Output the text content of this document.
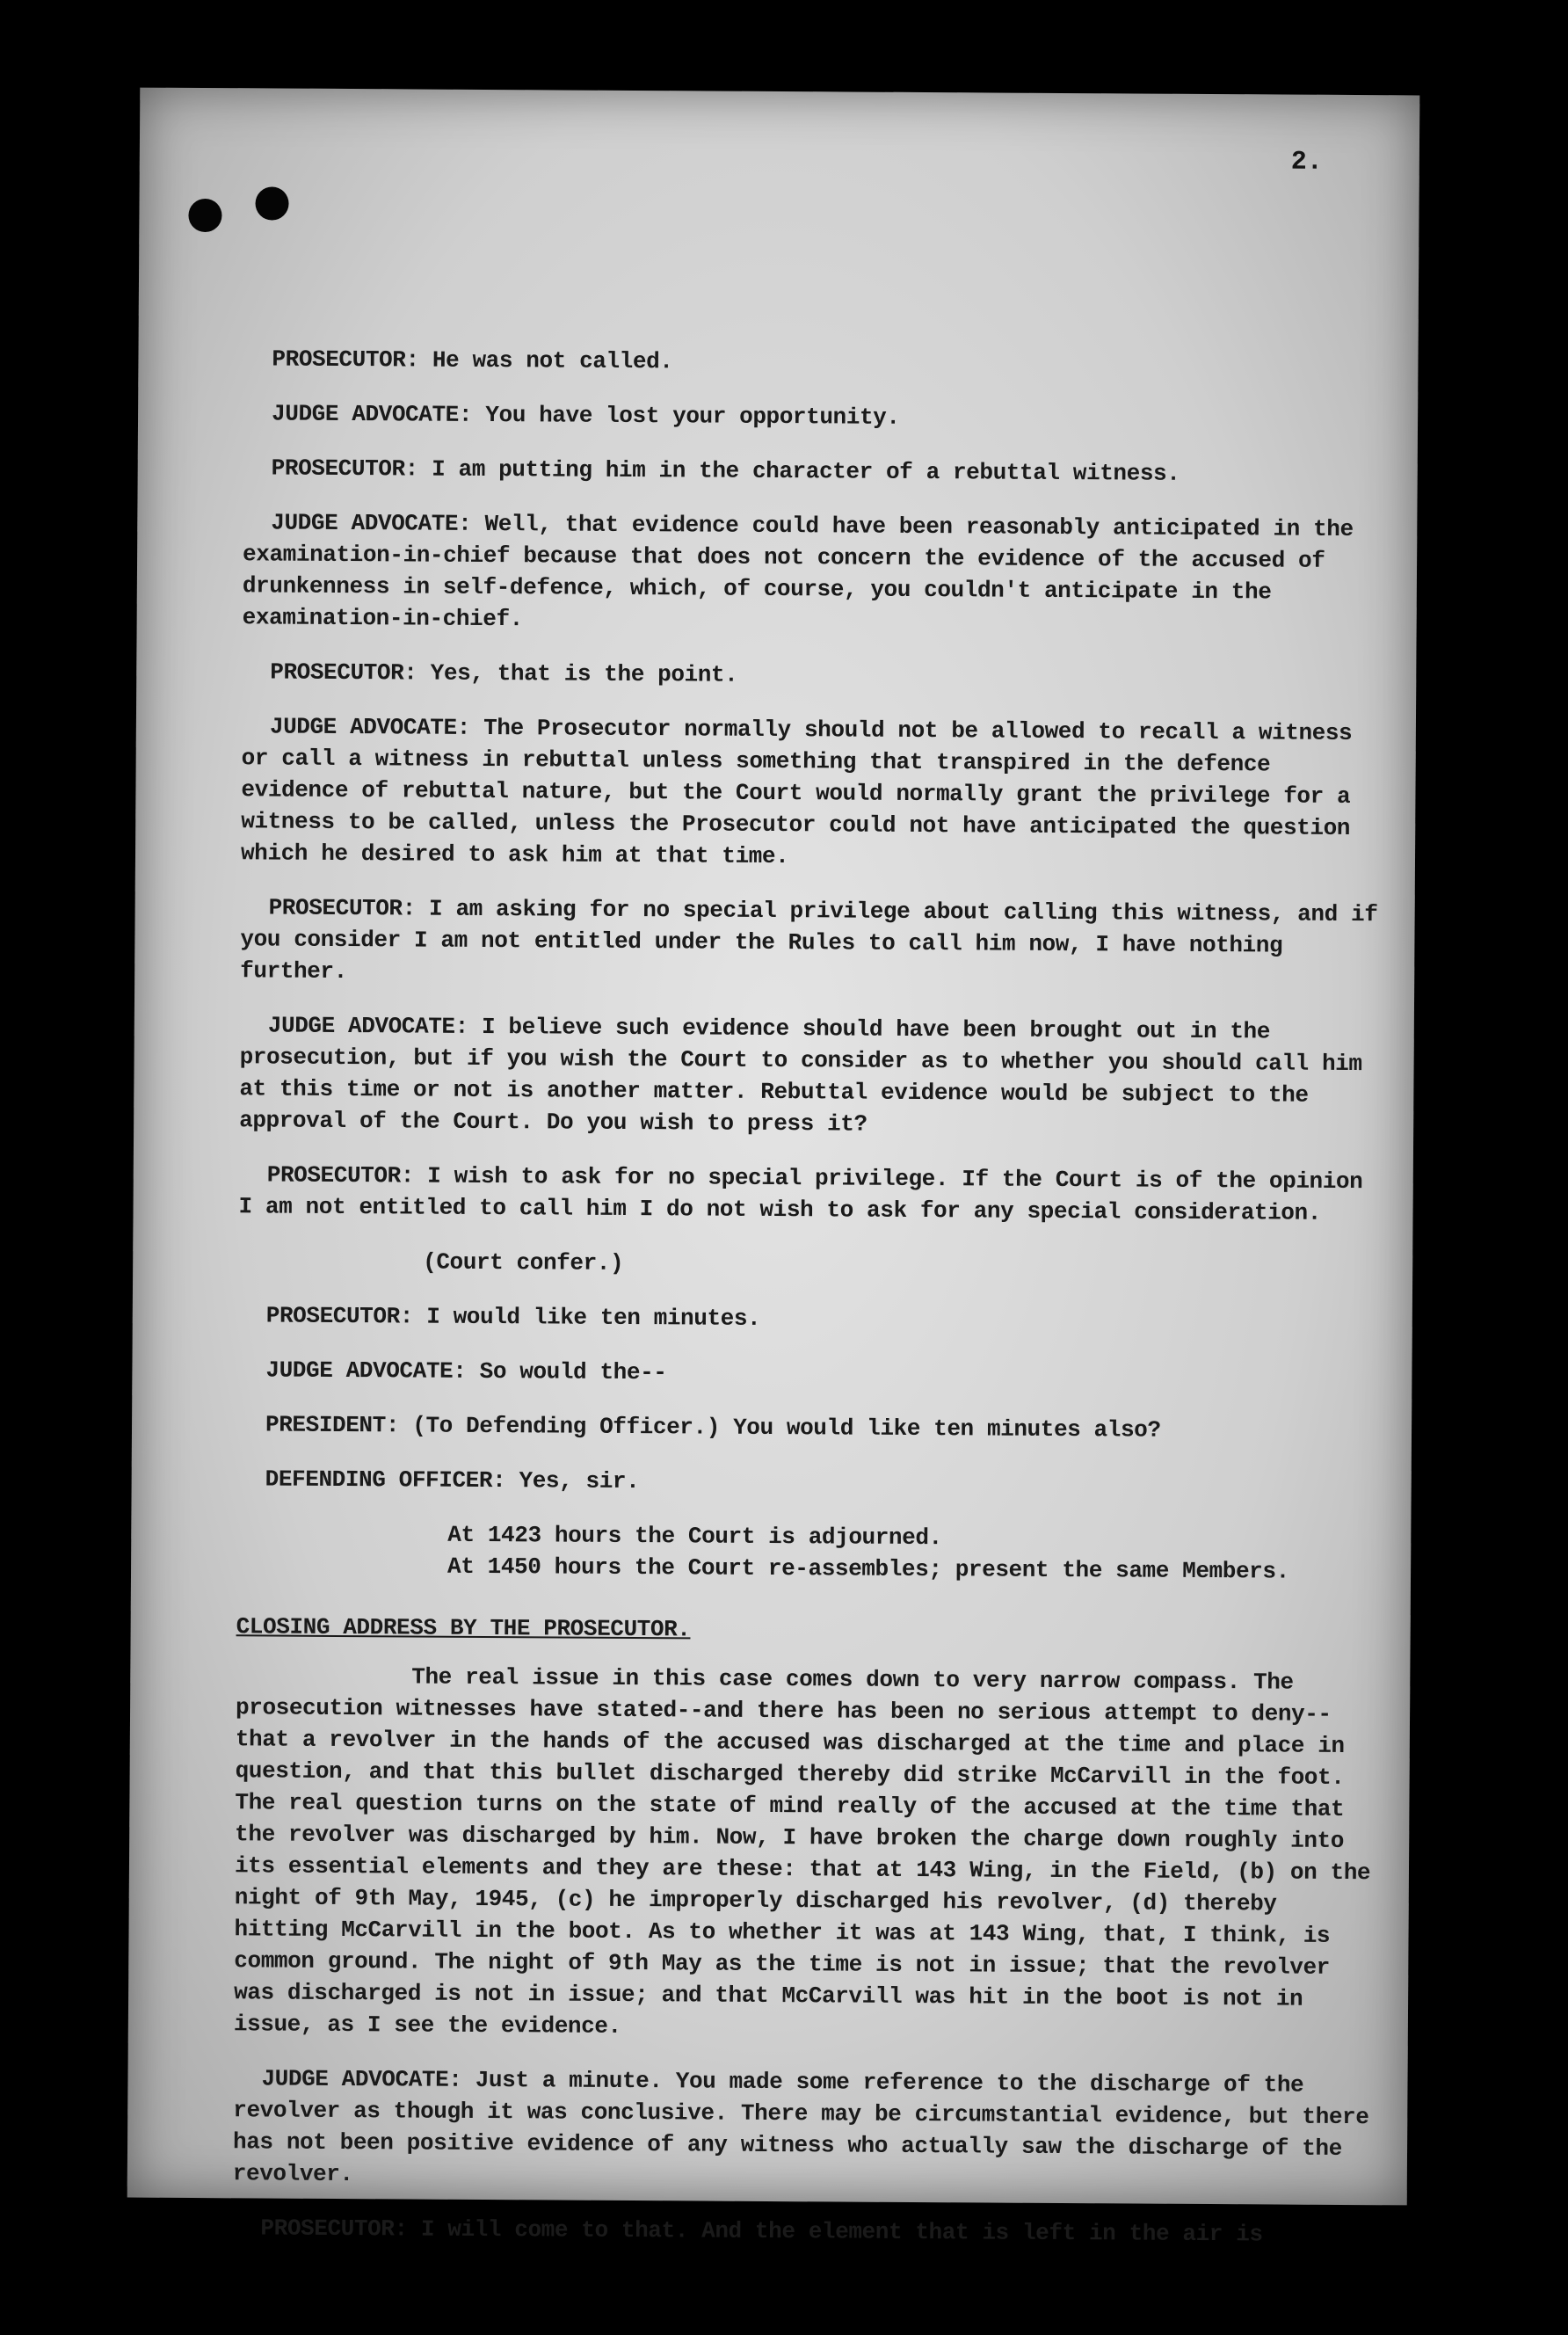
2.

PROSECUTOR: He was not called.

JUDGE ADVOCATE: You have lost your opportunity.

PROSECUTOR: I am putting him in the character of a rebuttal witness.

JUDGE ADVOCATE: Well, that evidence could have been reasonably anticipated in the examination-in-chief because that does not concern the evidence of the accused of drunkenness in self-defence, which, of course, you couldn't anticipate in the examination-in-chief.

PROSECUTOR: Yes, that is the point.

JUDGE ADVOCATE: The Prosecutor normally should not be allowed to recall a witness or call a witness in rebuttal unless something that transpired in the defence evidence of rebuttal nature, but the Court would normally grant the privilege for a witness to be called, unless the Prosecutor could not have anticipated the question which he desired to ask him at that time.

PROSECUTOR: I am asking for no special privilege about calling this witness, and if you consider I am not entitled under the Rules to call him now, I have nothing further.

JUDGE ADVOCATE: I believe such evidence should have been brought out in the prosecution, but if you wish the Court to consider as to whether you should call him at this time or not is another matter. Rebuttal evidence would be subject to the approval of the Court. Do you wish to press it?

PROSECUTOR: I wish to ask for no special privilege. If the Court is of the opinion I am not entitled to call him I do not wish to ask for any special consideration.

(Court confer.)

PROSECUTOR: I would like ten minutes.

JUDGE ADVOCATE: So would the--

PRESIDENT: (To Defending Officer.) You would like ten minutes also?

DEFENDING OFFICER: Yes, sir.

At 1423 hours the Court is adjourned.
At 1450 hours the Court re-assembles; present the same Members.

CLOSING ADDRESS BY THE PROSECUTOR.

The real issue in this case comes down to very narrow compass. The prosecution witnesses have stated--and there has been no serious attempt to deny--that a revolver in the hands of the accused was discharged at the time and place in question, and that this bullet discharged thereby did strike McCarvill in the foot. The real question turns on the state of mind really of the accused at the time that the revolver was discharged by him. Now, I have broken the charge down roughly into its essential elements and they are these: that at 143 Wing, in the Field, (b) on the night of 9th May, 1945, (c) he improperly discharged his revolver, (d) thereby hitting McCarvill in the boot. As to whether it was at 143 Wing, that, I think, is common ground. The night of 9th May as the time is not in issue; that the revolver was discharged is not in issue; and that McCarvill was hit in the boot is not in issue, as I see the evidence.

JUDGE ADVOCATE: Just a minute. You made some reference to the discharge of the revolver as though it was conclusive. There may be circumstantial evidence, but there has not been positive evidence of any witness who actually saw the discharge of the revolver.

PROSECUTOR: I will come to that. And the element that is left in the air is
